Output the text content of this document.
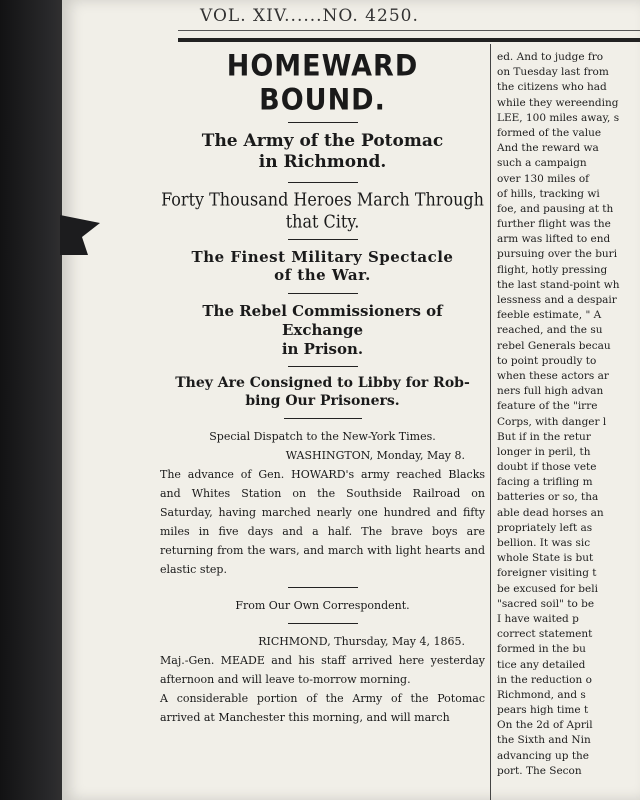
VOL. XIV......NO. 4250.
HOMEWARD BOUND.

The Army of the Potomac
in Richmond.

Forty Thousand Heroes March Through
that City.

The Finest Military Spectacle
of the War.

The Rebel Commissioners of Exchange
in Prison.

They Are Consigned to Libby for Rob-
bing Our Prisoners.

Special Dispatch to the New-York Times.

WASHINGTON, Monday, May 8.

The advance of Gen. HOWARD's army reached Blacks and Whites Station on the Southside Railroad on Saturday, having marched nearly one hundred and fifty miles in five days and a half. The brave boys are returning from the wars, and march with light hearts and elastic step.

From Our Own Correspondent.

RICHMOND, Thursday, May 4, 1865.

Maj.-Gen. MEADE and his staff arrived here yesterday afternoon and will leave to-morrow morning.

A considerable portion of the Army of the Potomac arrived at Manchester this morning, and will march

ed. And to judge fro
on Tuesday last from
the citizens who had
while they wereending
LEE, 100 miles away, s
formed of the value
And the reward wa
such a campaign
over 130 miles of
of hills, tracking wi
foe, and pausing at th
further flight was the
arm was lifted to end
pursuing over the buri
flight, hotly pressing
the last stand-point wh
lessness and a despair
feeble estimate, " A
reached, and the su
rebel Generals becau
to point proudly to
when these actors ar
ners full high advan
feature of the "irre
Corps, with danger l
But if in the retur
longer in peril, th
doubt if those vete
facing a trifling m
batteries or so, tha
able dead horses an
propriately left as
bellion. It was sic
whole State is but
foreigner visiting t
be excused for beli
"sacred soil" to be
I have waited p
correct statement
formed in the bu
tice any detailed
in the reduction o
Richmond, and s
pears high time t
On the 2d of April
the Sixth and Nin
advancing up the
port. The Secon
